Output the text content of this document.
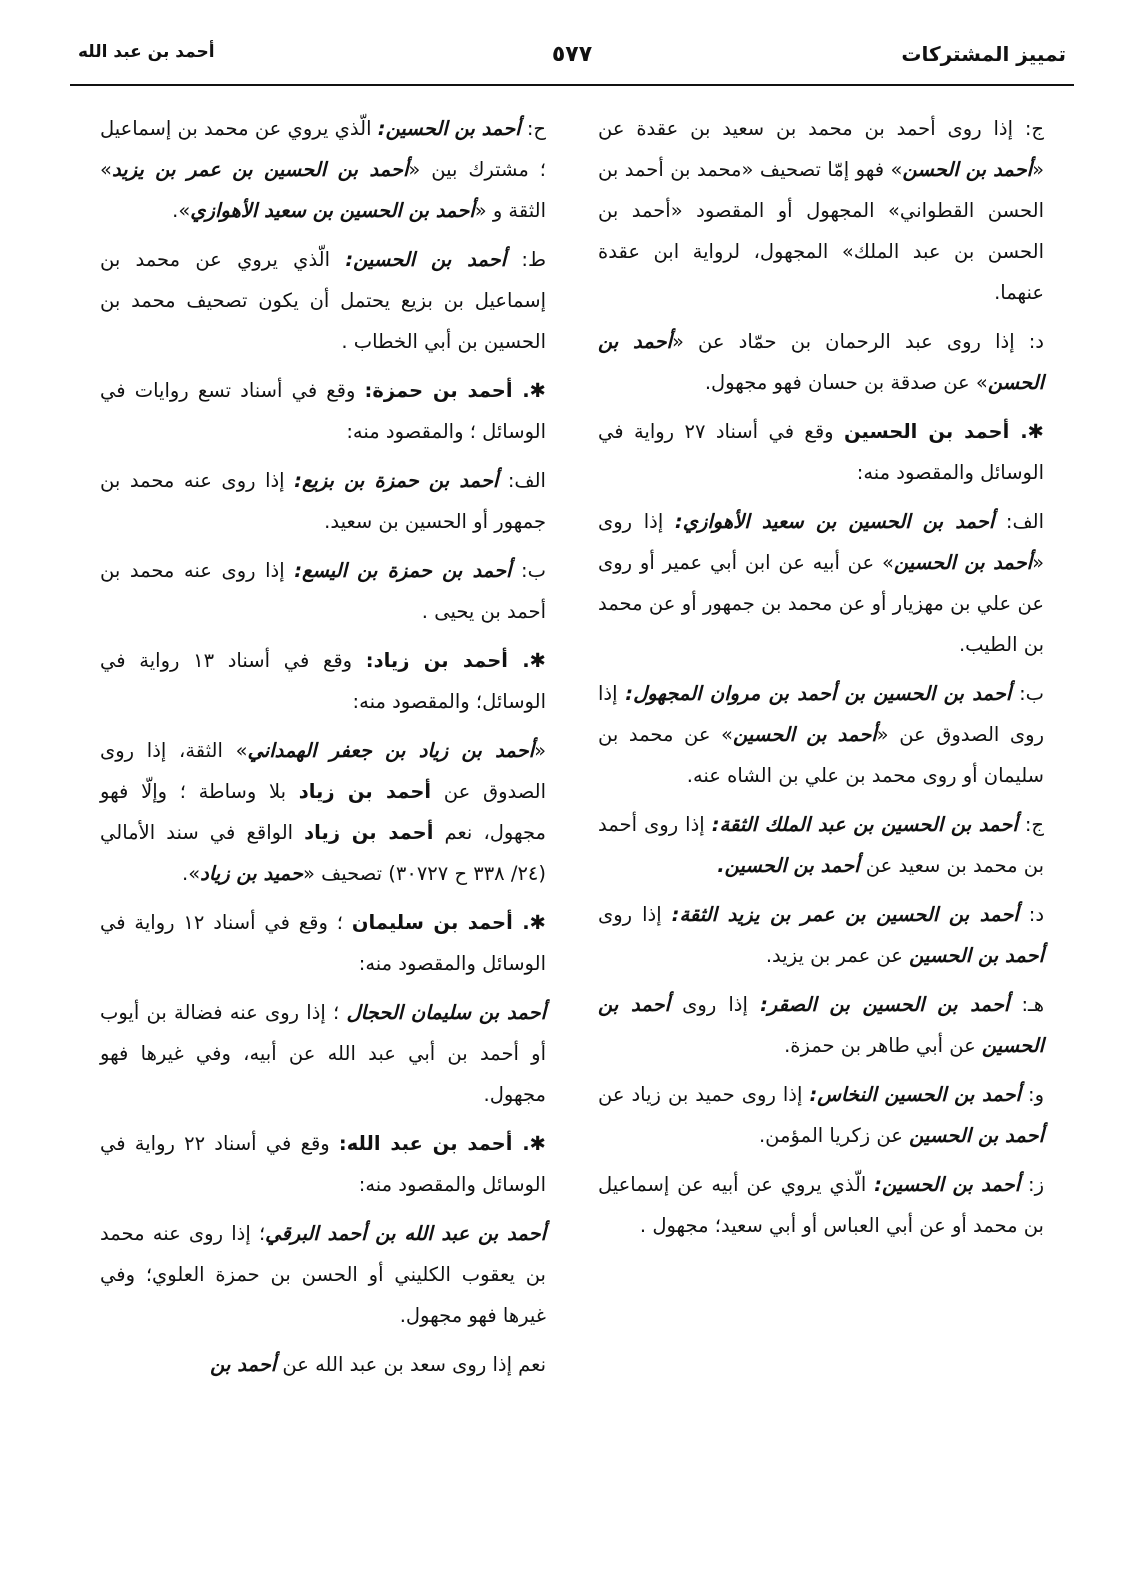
تمييز المشتركات
٥٧٧
أحمد بن عبد الله

ج: إذا روى أحمد بن محمد بن سعيد بن عقدة عن «أحمد بن الحسن» فهو إمّا تصحيف «محمد بن أحمد بن الحسن القطواني» المجهول أو المقصود «أحمد بن الحسن بن عبد الملك» المجهول، لرواية ابن عقدة عنهما.

د: إذا روى عبد الرحمان بن حمّاد عن «أحمد بن الحسن» عن صدقة بن حسان فهو مجهول.

✱. أحمد بن الحسين وقع في أسناد ٢٧ رواية في الوسائل والمقصود منه:

الف: أحمد بن الحسين بن سعيد الأهوازي: إذا روى «أحمد بن الحسين» عن أبيه عن ابن أبي عمير أو روى عن علي بن مهزيار أو عن محمد بن جمهور أو عن محمد بن الطيب.

ب: أحمد بن الحسين بن أحمد بن مروان المجهول: إذا روى الصدوق عن «أحمد بن الحسين» عن محمد بن سليمان أو روى محمد بن علي بن الشاه عنه.

ج: أحمد بن الحسين بن عبد الملك الثقة: إذا روى أحمد بن محمد بن سعيد عن أحمد بن الحسين.

د: أحمد بن الحسين بن عمر بن يزيد الثقة: إذا روى أحمد بن الحسين عن عمر بن يزيد.

هـ: أحمد بن الحسين بن الصقر: إذا روى أحمد بن الحسين عن أبي طاهر بن حمزة.

و: أحمد بن الحسين النخاس: إذا روى حميد بن زياد عن أحمد بن الحسين عن زكريا المؤمن.

ز: أحمد بن الحسين: الّذي يروي عن أبيه عن إسماعيل بن محمد أو عن أبي العباس أو أبي سعيد؛ مجهول .

ح: أحمد بن الحسين: الّذي يروي عن محمد بن إسماعيل ؛ مشترك بين «أحمد بن الحسين بن عمر بن يزيد» الثقة و «أحمد بن الحسين بن سعيد الأهوازي».

ط: أحمد بن الحسين: الّذي يروي عن محمد بن إسماعيل بن بزيع يحتمل أن يكون تصحيف محمد بن الحسين بن أبي الخطاب .

✱. أحمد بن حمزة: وقع في أسناد تسع روايات في الوسائل ؛ والمقصود منه:

الف: أحمد بن حمزة بن بزيع: إذا روى عنه محمد بن جمهور أو الحسين بن سعيد.

ب: أحمد بن حمزة بن اليسع: إذا روى عنه محمد بن أحمد بن يحيى .

✱. أحمد بن زياد: وقع في أسناد ١٣ رواية في الوسائل؛ والمقصود منه:

«أحمد بن زياد بن جعفر الهمداني» الثقة، إذا روى الصدوق عن أحمد بن زياد بلا وساطة ؛ وإلّا فهو مجهول، نعم أحمد بن زياد الواقع في سند الأمالي (٢٤/ ٣٣٨ ح ٣٠٧٢٧) تصحيف «حميد بن زياد».

✱. أحمد بن سليمان ؛ وقع في أسناد ١٢ رواية في الوسائل والمقصود منه:

أحمد بن سليمان الحجال ؛ إذا روى عنه فضالة بن أيوب أو أحمد بن أبي عبد الله عن أبيه، وفي غيرها فهو مجهول.

✱. أحمد بن عبد الله: وقع في أسناد ٢٢ رواية في الوسائل والمقصود منه:

أحمد بن عبد الله بن أحمد البرقي؛ إذا روى عنه محمد بن يعقوب الكليني أو الحسن بن حمزة العلوي؛ وفي غيرها فهو مجهول.

نعم إذا روى سعد بن عبد الله عن أحمد بن
